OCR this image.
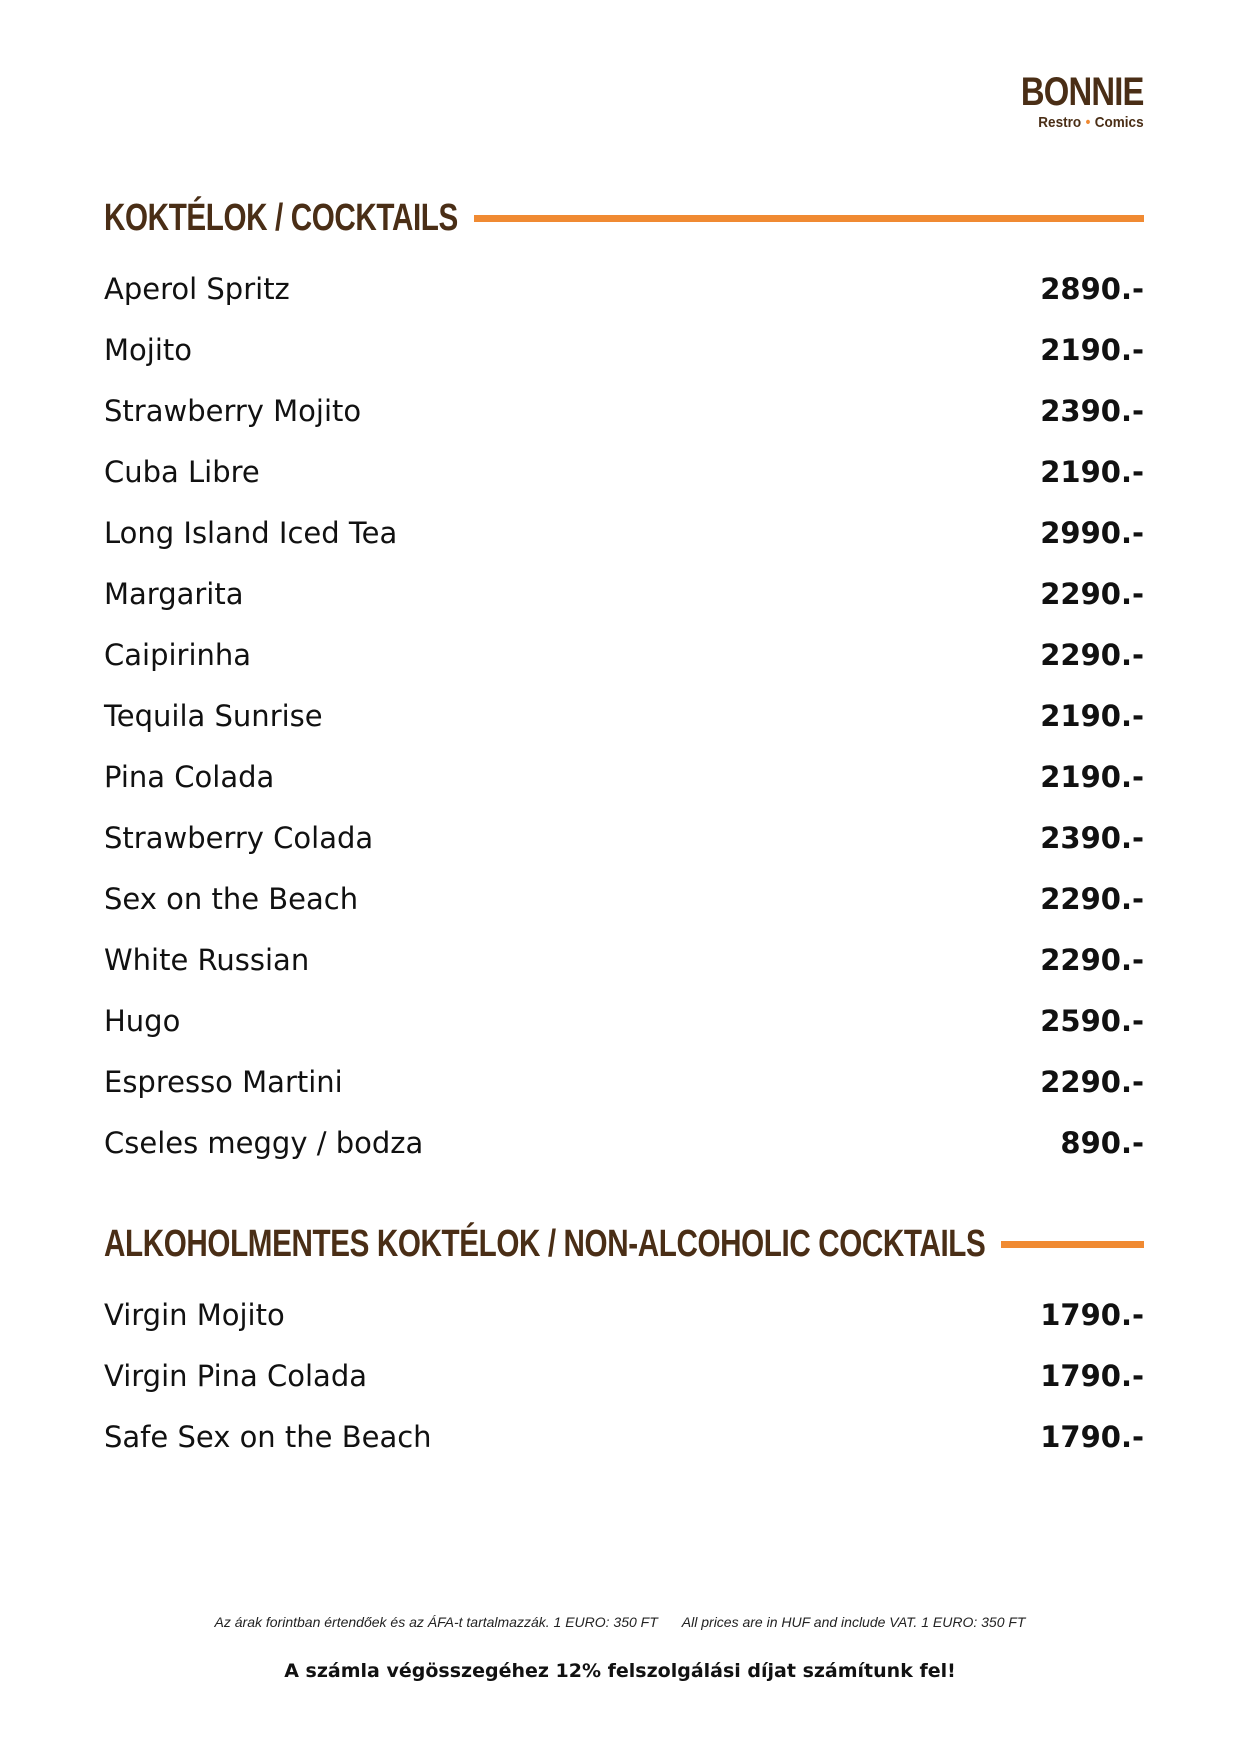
BONNIE
Restro • Comics
KOKTÉLOK / COCKTAILS
Aperol Spritz	2890.-
Mojito	2190.-
Strawberry Mojito	2390.-
Cuba Libre	2190.-
Long Island Iced Tea	2990.-
Margarita	2290.-
Caipirinha	2290.-
Tequila Sunrise	2190.-
Pina Colada	2190.-
Strawberry Colada	2390.-
Sex on the Beach	2290.-
White Russian	2290.-
Hugo	2590.-
Espresso Martini	2290.-
Cseles meggy / bodza	890.-
ALKOHOLMENTES KOKTÉLOK / NON-ALCOHOLIC COCKTAILS
Virgin Mojito	1790.-
Virgin Pina Colada	1790.-
Safe Sex on the Beach	1790.-
Az árak forintban értendőek és az ÁFA-t tartalmazzák. 1 EURO: 350 FT All prices are in HUF and include VAT. 1 EURO: 350 FT
A számla végösszegéhez 12% felszolgálási díjat számítunk fel!
